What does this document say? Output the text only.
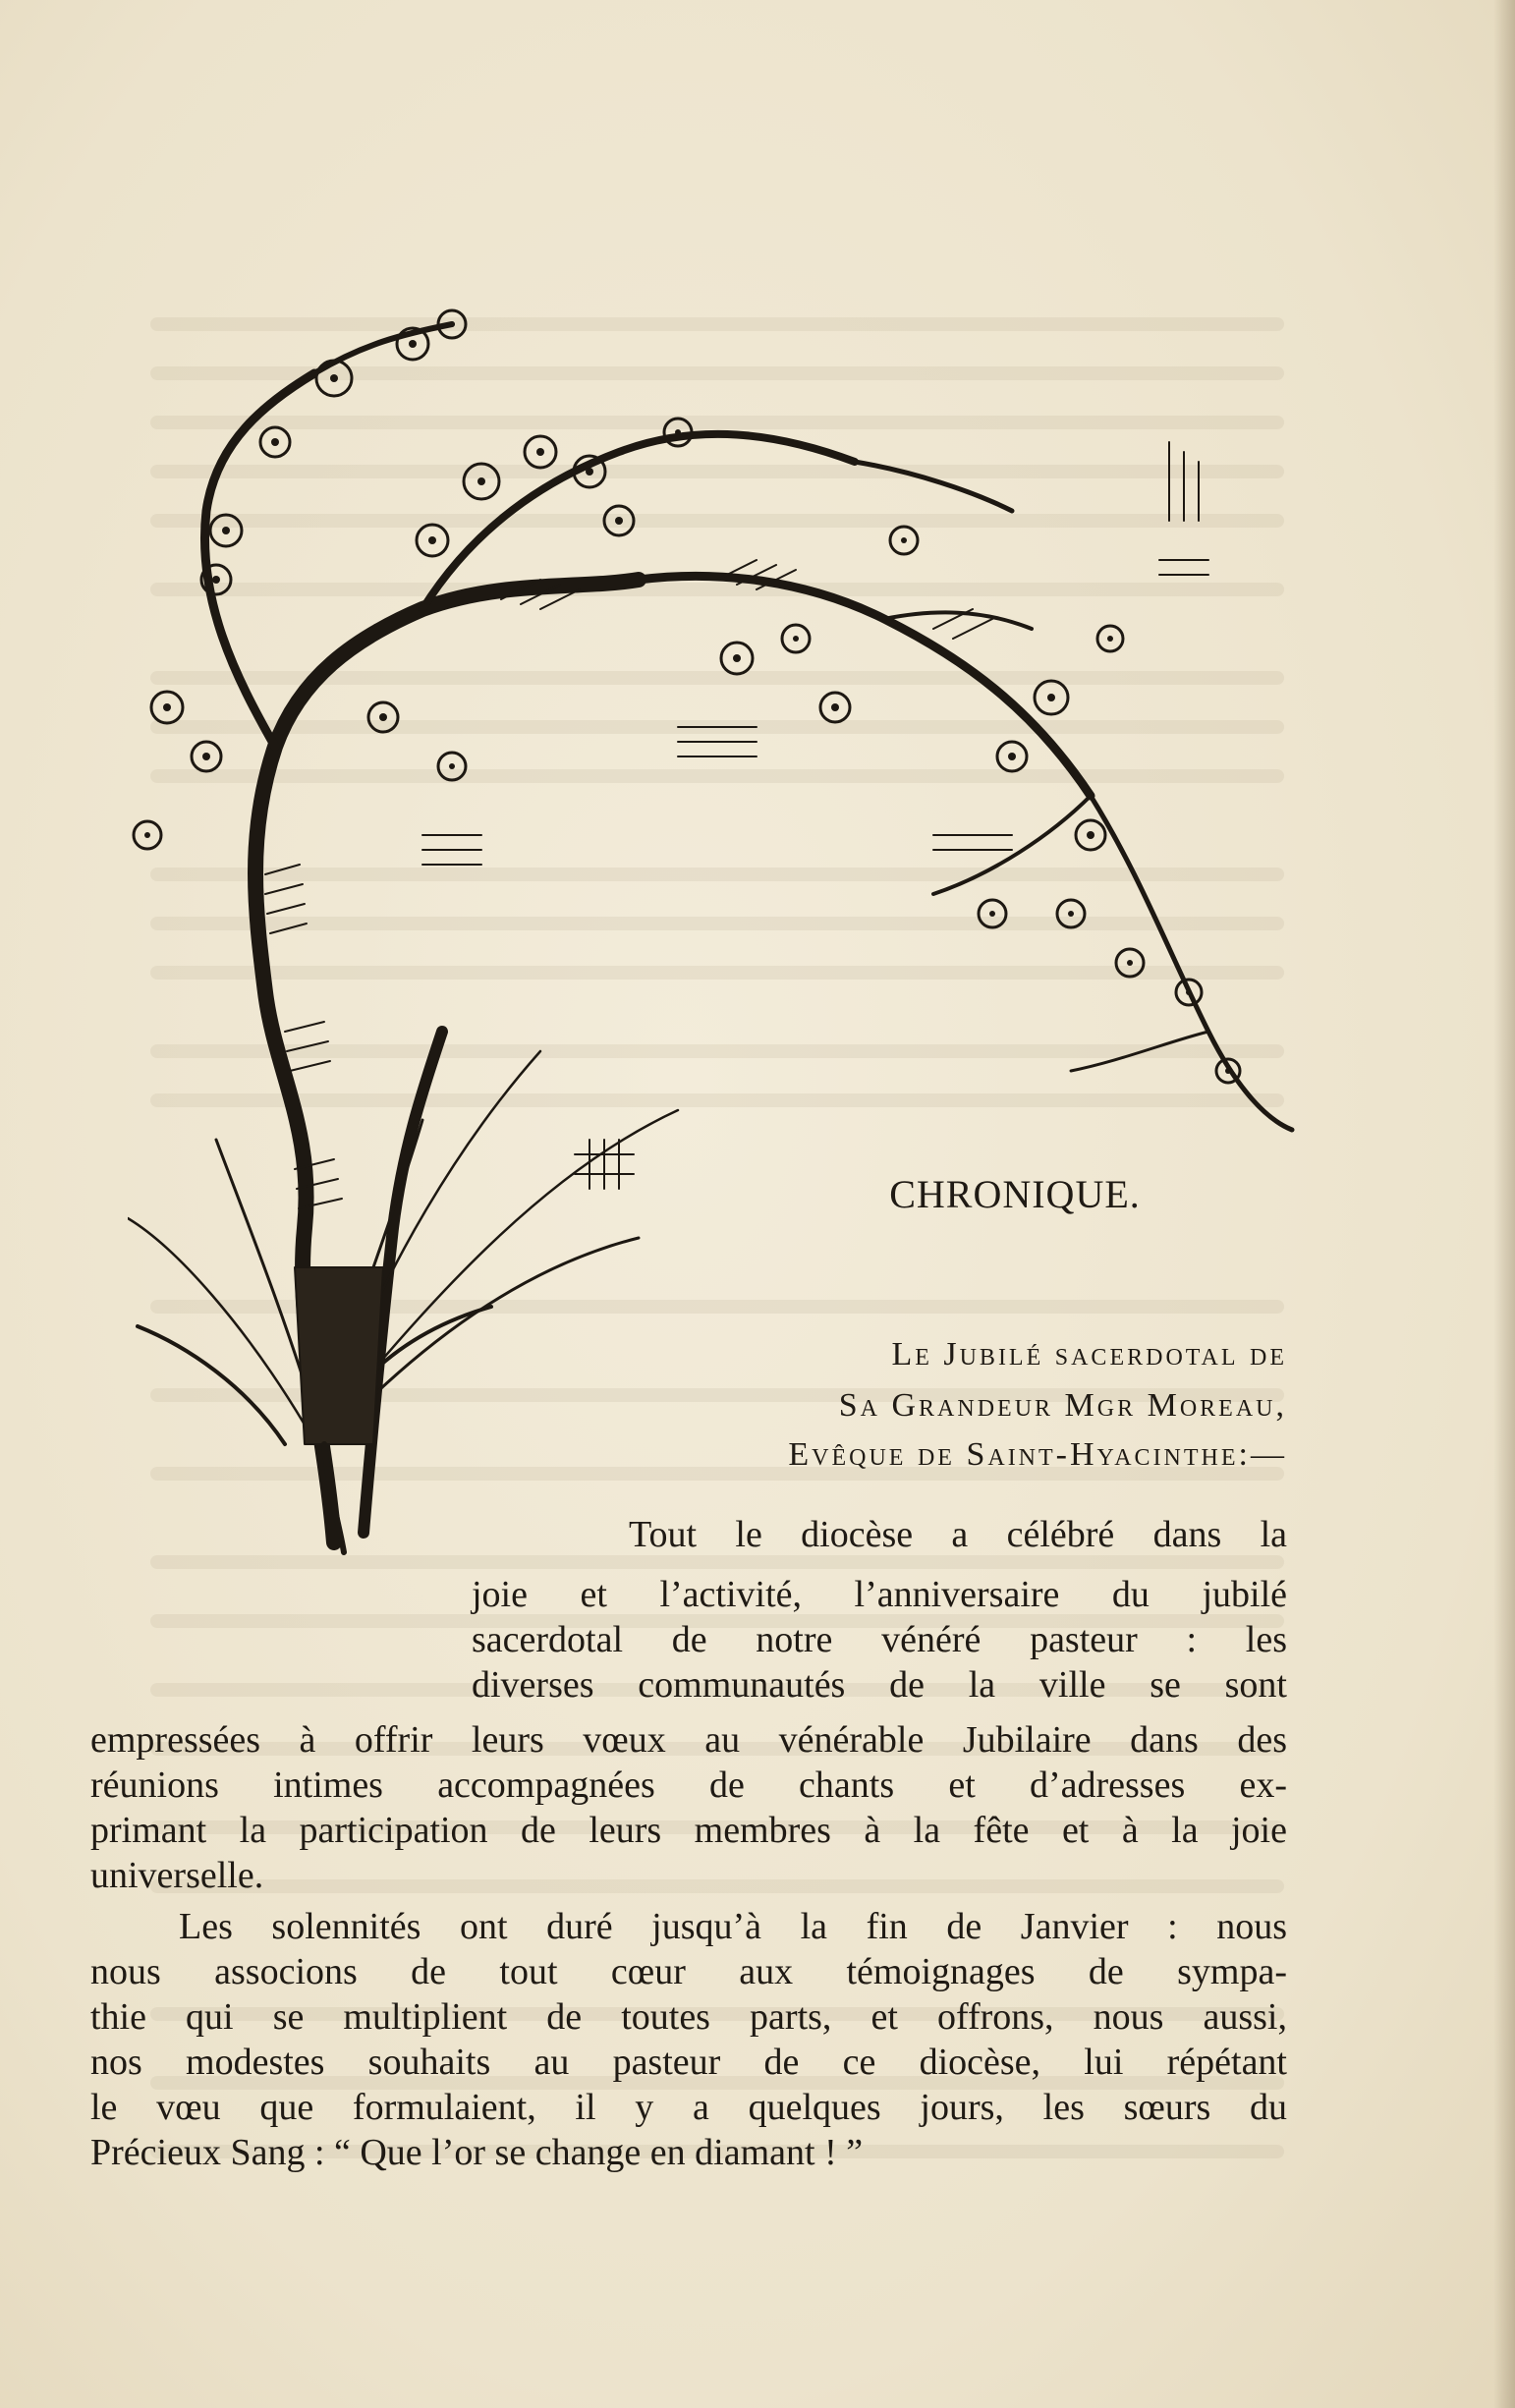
CHRONIQUE.

Le Jubilé sacerdotal de

Sa Grandeur Mgr Moreau,

Evêque de Saint-Hyacinthe:—

Tout le diocèse a célébré dans la

joie et l’activité, l’anniversaire du jubilé

sacerdotal de notre vénéré pasteur : les

diverses communautés de la ville se sont

empressées à offrir leurs vœux au vénérable Jubilaire dans des

réunions intimes accompagnées de chants et d’adresses ex-

primant la participation de leurs membres à la fête et à la joie

universelle.

Les solennités ont duré jusqu’à la fin de Janvier : nous

nous associons de tout cœur aux témoignages de sympa-

thie qui se multiplient de toutes parts, et offrons, nous aussi,

nos modestes souhaits au pasteur de ce diocèse, lui répétant

le vœu que formulaient, il y a quelques jours, les sœurs du

Précieux Sang : “ Que l’or se change en diamant ! ”
